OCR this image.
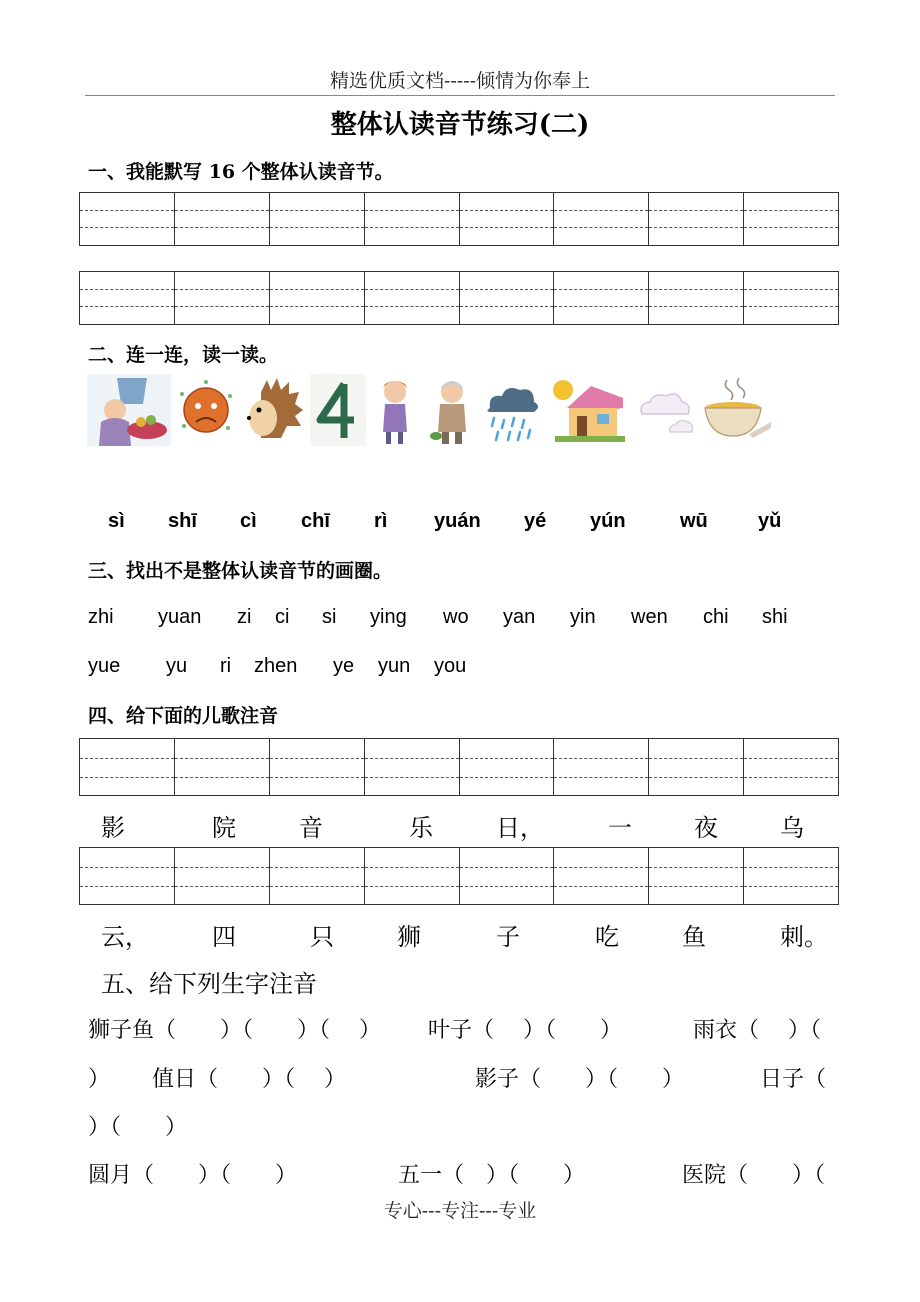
精选优质文档-----倾情为你奉上
整体认读音节练习(二)
一、我能默写 16 个整体认读音节。
二、连一连，读一读。
sì shī cì chī rì yuán yé yún	wū	yǔ
三、找出不是整体认读音节的画圈。
zhi yuan zi ci si ying wo yan yin wen chi shi
yue yu ri zhen ye yun you
四、给下面的儿歌注音
影	院	音	乐	日，	一	夜	乌
云，	四	只	狮	子	吃	鱼	刺。
五、给下列生字注音
狮子鱼（　　）（　　）（　 ） 叶子（　 ）（　　）	雨衣（　 ）（
） 值日（　　）（　 ）	影子（　　）（　　）	日子（
）（　　）
圆月（　　）（　　）	五一（　）（　　）	医院（　　）（
专心---专注---专业
